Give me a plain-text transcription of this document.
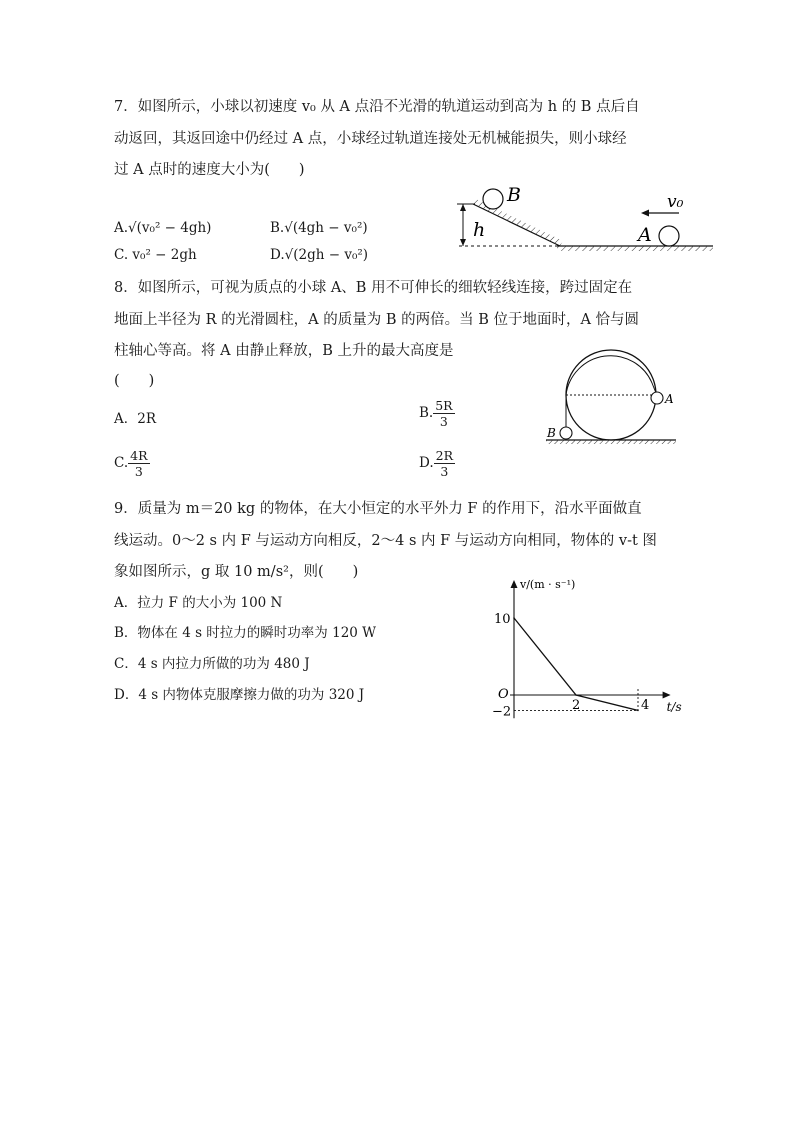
7．如图所示，小球以初速度 v₀ 从 A 点沿不光滑的轨道运动到高为 h 的 B 点后自
动返回，其返回途中仍经过 A 点，小球经过轨道连接处无机械能损失，则小球经
过 A 点时的速度大小为(　　)
A.√(v₀² − 4gh)	B.√(4gh − v₀²)
C. v₀² − 2gh	D.√(2gh − v₀²)
h
B
A
v₀
8．如图所示，可视为质点的小球 A、B 用不可伸长的细软轻线连接，跨过固定在
地面上半径为 R 的光滑圆柱，A 的质量为 B 的两倍。当 B 位于地面时，A 恰与圆
柱轴心等高。将 A 由静止释放，B 上升的最大高度是
(　　)
A．2R	B. $\frac{5R}{3}$
C. $\frac{4R}{3}$	D. $\frac{2R}{3}$
B
A
9．质量为 m＝20 kg 的物体，在大小恒定的水平外力 F 的作用下，沿水平面做直
线运动。0～2 s 内 F 与运动方向相反，2～4 s 内 F 与运动方向相同，物体的 v-t 图
象如图所示，g 取 10 m/s²，则(　　)
A．拉力 F 的大小为 100 N
B．物体在 4 s 时拉力的瞬时功率为 120 W
C．4 s 内拉力所做的功为 480 J
D．4 s 内物体克服摩擦力做的功为 320 J
v/(m · s⁻¹)
t/s
O
10
−2	2	4
